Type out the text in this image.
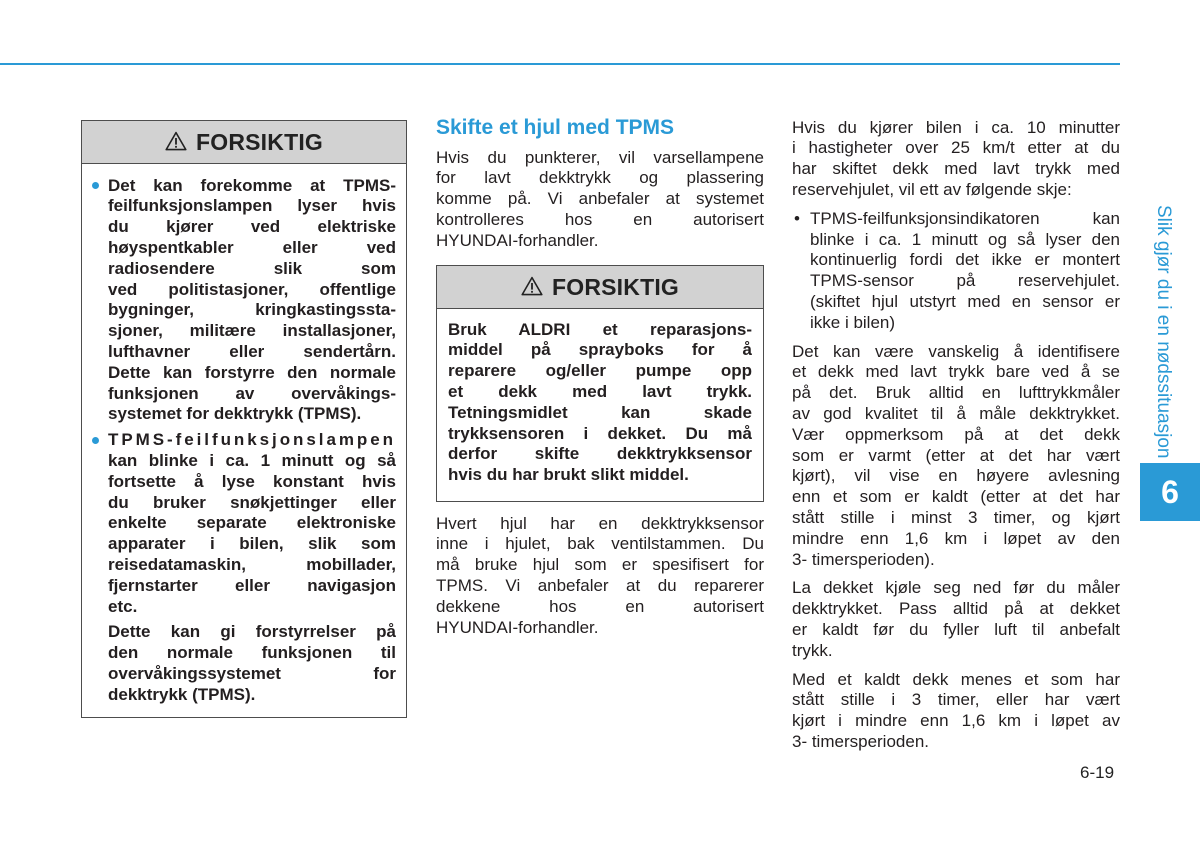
FORSIKTIG
Det kan forekomme at TPMS-
feilfunksjonslampen lyser hvis
du kjører ved elektriske
høyspentkabler eller ved
radiosendere slik som
ved politistasjoner, offentlige
bygninger, kringkastingssta-
sjoner, militære installasjoner,
lufthavner eller sendertårn.
Dette kan forstyrre den normale
funksjonen av overvåkings-
systemet for dekktrykk (TPMS).
TPMS-feilfunksjonslampen
kan blinke i ca. 1 minutt og så
fortsette å lyse konstant hvis
du bruker snøkjettinger eller
enkelte separate elektroniske
apparater i bilen, slik som
reisedatamaskin, mobillader,
fjernstarter eller navigasjon
etc.
Dette kan gi forstyrrelser på
den normale funksjonen til
overvåkingssystemet for
dekktrykk (TPMS).
Skifte et hjul med TPMS
Hvis du punkterer, vil varsellampene
for lavt dekktrykk og plassering
komme på. Vi anbefaler at systemet
kontrolleres hos en autorisert
HYUNDAI-forhandler.
FORSIKTIG
Bruk ALDRI et reparasjons-
middel på sprayboks for å
reparere og/eller pumpe opp
et dekk med lavt trykk.
Tetningsmidlet kan skade
trykksensoren i dekket. Du må
derfor skifte dekktrykksensor
hvis du har brukt slikt middel.
Hvert hjul har en dekktrykksensor
inne i hjulet, bak ventilstammen. Du
må bruke hjul som er spesifisert for
TPMS. Vi anbefaler at du reparerer
dekkene hos en autorisert
HYUNDAI-forhandler.
Hvis du kjører bilen i ca. 10 minutter
i hastigheter over 25 km/t etter at du
har skiftet dekk med lavt trykk med
reservehjulet, vil ett av følgende skje:
• TPMS-feilfunksjonsindikatoren kan
blinke i ca. 1 minutt og så lyser den
kontinuerlig fordi det ikke er montert
TPMS-sensor på reservehjulet.
(skiftet hjul utstyrt med en sensor er
ikke i bilen)
Det kan være vanskelig å identifisere
et dekk med lavt trykk bare ved å se
på det. Bruk alltid en lufttrykkmåler
av god kvalitet til å måle dekktrykket.
Vær oppmerksom på at det dekk
som er varmt (etter at det har vært
kjørt), vil vise en høyere avlesning
enn et som er kaldt (etter at det har
stått stille i minst 3 timer, og kjørt
mindre enn 1,6 km i løpet av den
3- timersperioden).
La dekket kjøle seg ned før du måler
dekktrykket. Pass alltid på at dekket
er kaldt før du fyller luft til anbefalt
trykk.
Med et kaldt dekk menes et som har
stått stille i 3 timer, eller har vært
kjørt i mindre enn 1,6 km i løpet av
3- timersperioden.
Slik gjør du i en nødssituasjon
6
6-19
